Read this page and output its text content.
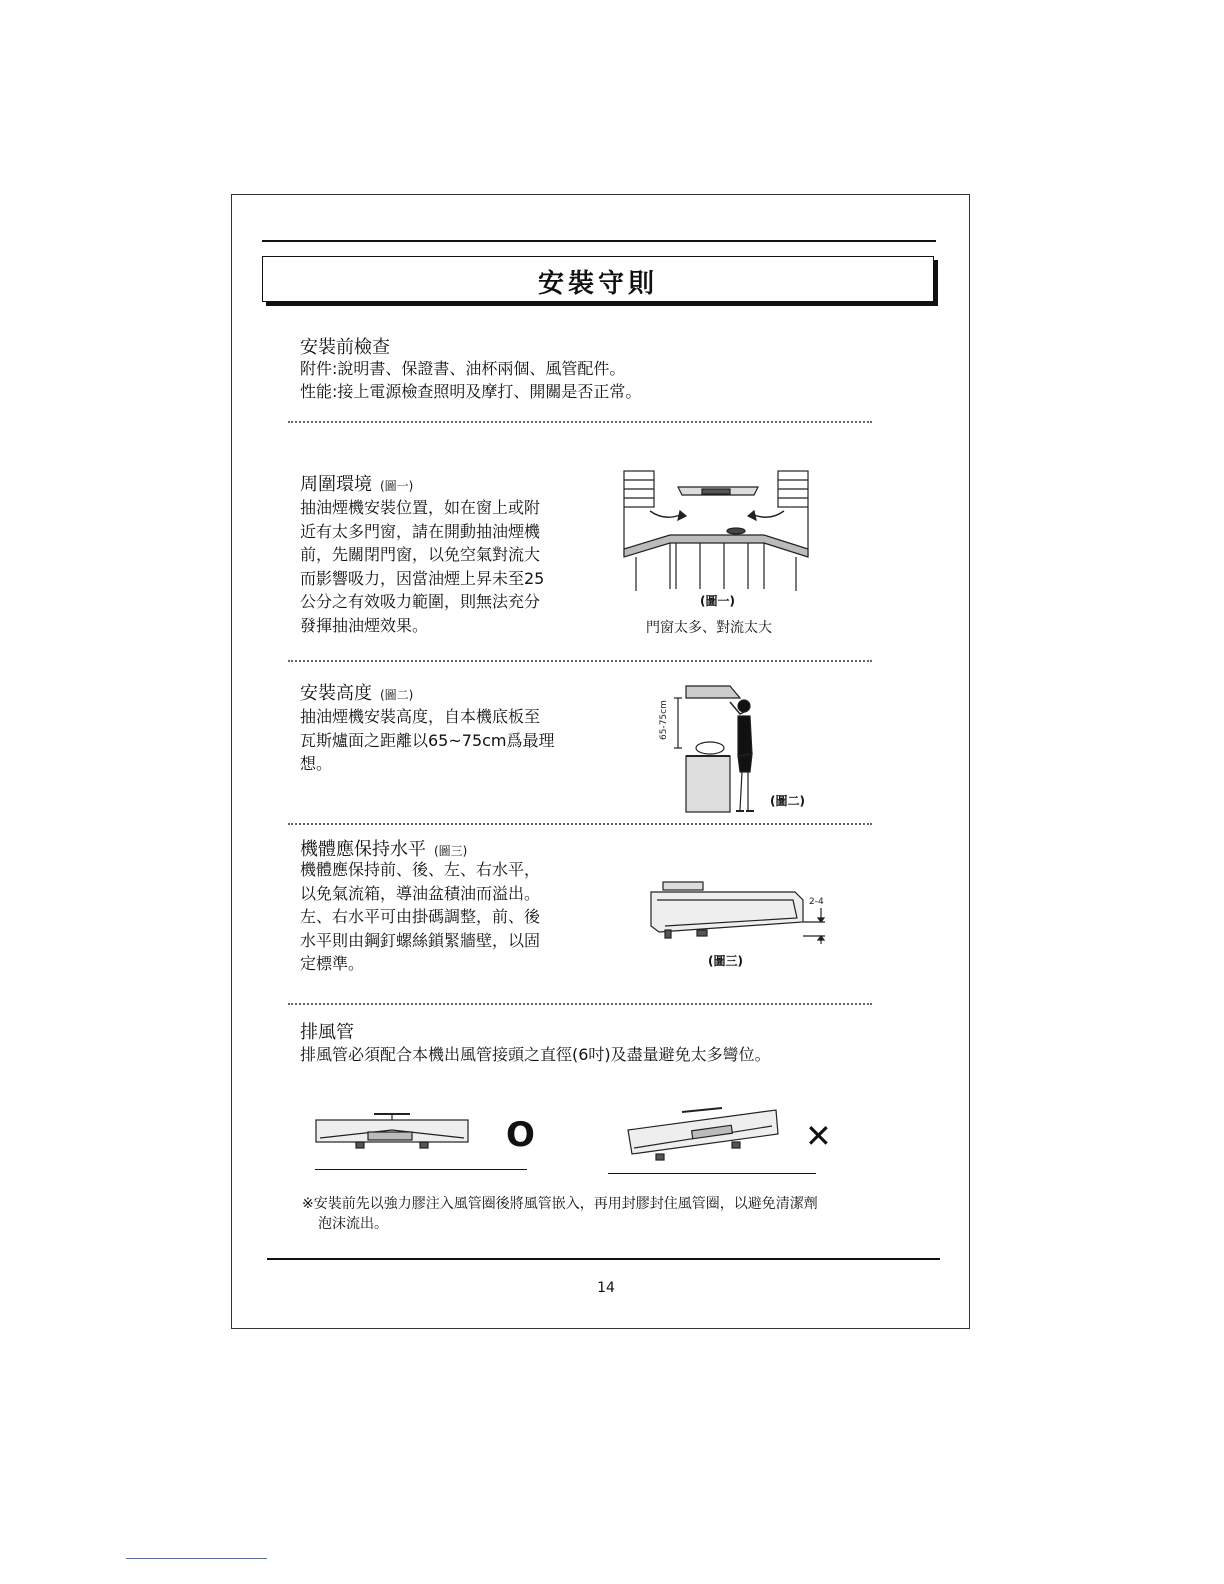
安裝守則
安裝前檢查
附件:說明書、保證書、油杯兩個、風管配件。
性能:接上電源檢查照明及摩打、開關是否正常。
周圍環境 (圖一)
抽油煙機安裝位置，如在窗上或附
近有太多門窗，請在開動抽油煙機
前，先關閉門窗，以免空氣對流大
而影響吸力，因當油煙上昇未至25
公分之有效吸力範圍，則無法充分
發揮抽油煙效果。
(圖一)
門窗太多、對流太大
安裝高度 (圖二)
抽油煙機安裝高度，自本機底板至
瓦斯爐面之距離以65~75cm爲最理
想。
65-75cm
(圖二)
機體應保持水平 (圖三)
機體應保持前、後、左、右水平，
以免氣流箱，導油盆積油而溢出。
左、右水平可由掛碼調整，前、後
水平則由鋼釘螺絲鎖緊牆壁，以固
定標準。
2-4
(圖三)
排風管
排風管必須配合本機出風管接頭之直徑(6吋)及盡量避免太多彎位。
O	✕
※安裝前先以強力膠注入風管圈後將風管嵌入，再用封膠封住風管圈，以避免清潔劑
泡沫流出。
14
